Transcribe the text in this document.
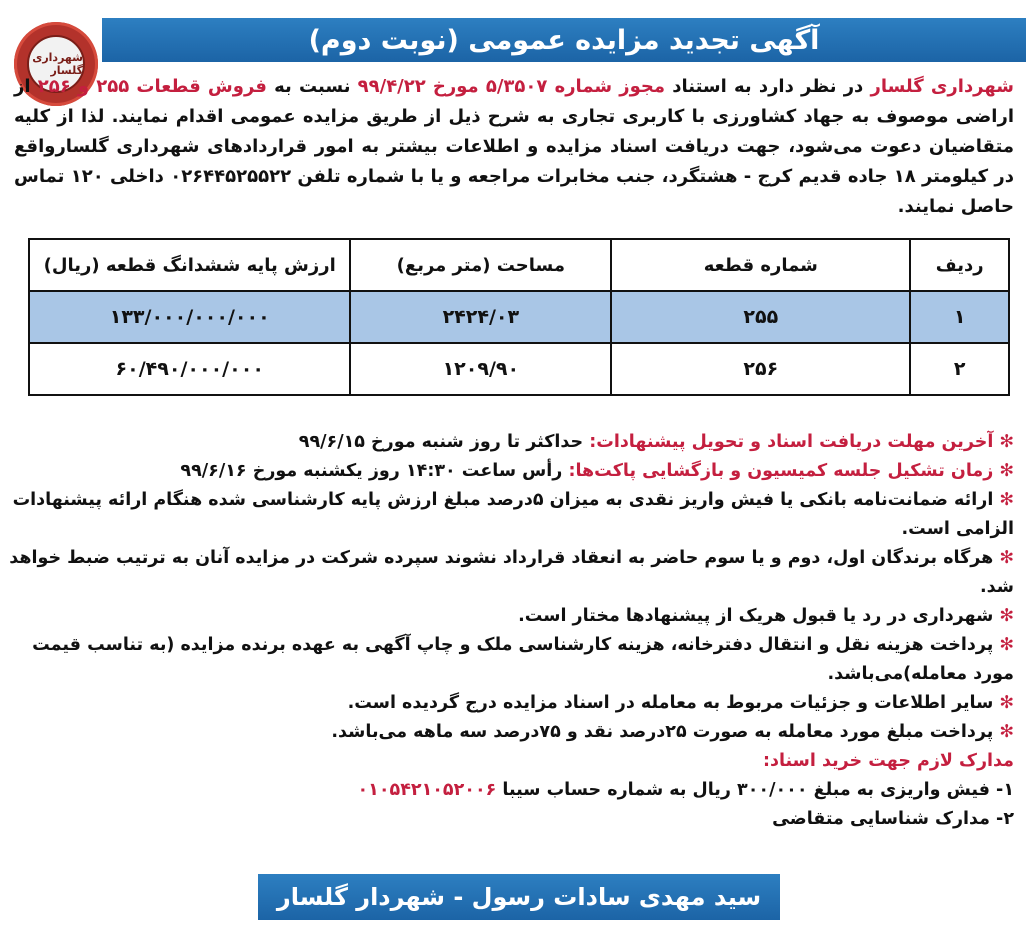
شهرداری گلسار
آگهی تجدید مزایده عمومی (نوبت دوم)
شهرداری گلسار در نظر دارد به استناد مجوز شماره ۵/۳۵۰۷ مورخ ۹۹/۴/۲۲ نسبت به فروش قطعات ۲۵۵ و ۲۵۶ از اراضی موصوف به جهاد کشاورزی با کاربری تجاری به شرح ذیل از طریق مزایده عمومی اقدام نمایند. لذا از کلیه متقاضیان دعوت می‌شود، جهت دریافت اسناد مزایده و اطلاعات بیشتر به امور قراردادهای شهرداری گلسارواقع در کیلومتر ۱۸ جاده قدیم کرج - هشتگرد، جنب مخابرات مراجعه و یا با شماره تلفن ۰۲۶۴۴۵۲۵۵۲۲ داخلی ۱۲۰ تماس حاصل نمایند.
ردیف	شماره قطعه	مساحت (متر مربع)	ارزش پایه ششدانگ قطعه (ریال)
۱	۲۵۵	۲۴۲۴/۰۳	۱۳۳/۰۰۰/۰۰۰/۰۰۰
۲	۲۵۶	۱۲۰۹/۹۰	۶۰/۴۹۰/۰۰۰/۰۰۰
✻آخرین مهلت دریافت اسناد و تحویل پیشنهادات: حداکثر تا روز شنبه مورخ ۹۹/۶/۱۵
✻زمان تشکیل جلسه کمیسیون و بازگشایی پاکت‌ها: رأس ساعت ۱۴:۳۰ روز یکشنبه مورخ ۹۹/۶/۱۶
✻ارائه ضمانت‌نامه بانکی یا فیش واریز نقدی به میزان ۵درصد مبلغ ارزش پایه کارشناسی شده هنگام ارائه پیشنهادات الزامی است.
✻هرگاه برندگان اول، دوم و یا سوم حاضر به انعقاد قرارداد نشوند سپرده شرکت در مزایده آنان به ترتیب ضبط خواهد شد.
✻شهرداری در رد یا قبول هریک از پیشنهادها مختار است.
✻پرداخت هزینه نقل و انتقال دفترخانه، هزینه کارشناسی ملک و چاپ آگهی به عهده برنده مزایده (به تناسب قیمت مورد معامله)می‌باشد.
✻سایر اطلاعات و جزئیات مربوط به معامله در اسناد مزایده درج گردیده است.
✻پرداخت مبلغ مورد معامله به صورت ۲۵درصد نقد و ۷۵درصد سه ماهه می‌باشد.
مدارک لازم جهت خرید اسناد:
۱- فیش واریزی به مبلغ ۳۰۰/۰۰۰ ریال به شماره حساب سیبا ۰۱۰۵۴۲۱۰۵۲۰۰۶
۲- مدارک شناسایی متقاضی
سید مهدی سادات رسول - شهردار گلسار
